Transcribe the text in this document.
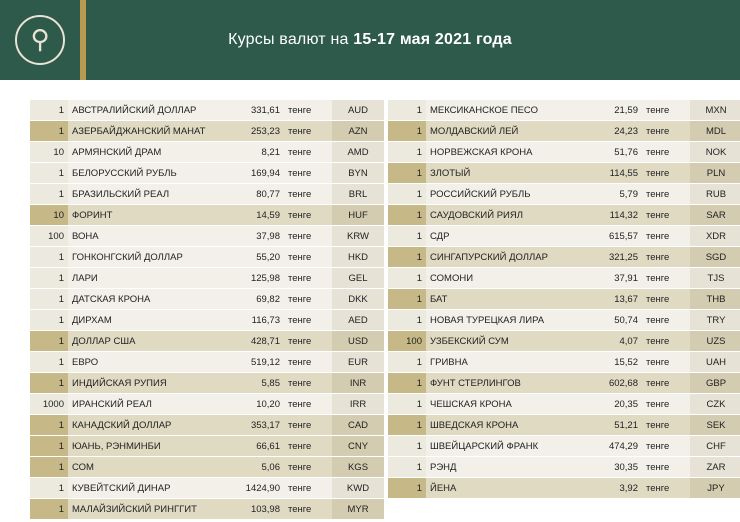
⚲	Курсы валют на 15-17 мая 2021 года
1	АВСТРАЛИЙСКИЙ ДОЛЛАР	331,61	тенге	AUD
1	АЗЕРБАЙДЖАНСКИЙ МАНАТ	253,23	тенге	AZN
10	АРМЯНСКИЙ ДРАМ	8,21	тенге	AMD
1	БЕЛОРУССКИЙ РУБЛЬ	169,94	тенге	BYN
1	БРАЗИЛЬСКИЙ РЕАЛ	80,77	тенге	BRL
10	ФОРИНТ	14,59	тенге	HUF
100	ВОНА	37,98	тенге	KRW
1	ГОНКОНГСКИЙ ДОЛЛАР	55,20	тенге	HKD
1	ЛАРИ	125,98	тенге	GEL
1	ДАТСКАЯ КРОНА	69,82	тенге	DKK
1	ДИРХАМ	116,73	тенге	AED
1	ДОЛЛАР США	428,71	тенге	USD
1	ЕВРО	519,12	тенге	EUR
1	ИНДИЙСКАЯ РУПИЯ	5,85	тенге	INR
1000	ИРАНСКИЙ РЕАЛ	10,20	тенге	IRR
1	КАНАДСКИЙ ДОЛЛАР	353,17	тенге	CAD
1	ЮАНЬ, РЭНМИНБИ	66,61	тенге	CNY
1	СОМ	5,06	тенге	KGS
1	КУВЕЙТСКИЙ ДИНАР	1424,90	тенге	KWD
1	МАЛАЙЗИЙСКИЙ РИНГГИТ	103,98	тенге	MYR
1	МЕКСИКАНСКОЕ ПЕСО	21,59	тенге	MXN
1	МОЛДАВСКИЙ ЛЕЙ	24,23	тенге	MDL
1	НОРВЕЖСКАЯ КРОНА	51,76	тенге	NOK
1	ЗЛОТЫЙ	114,55	тенге	PLN
1	РОССИЙСКИЙ РУБЛЬ	5,79	тенге	RUB
1	САУДОВСКИЙ РИЯЛ	114,32	тенге	SAR
1	СДР	615,57	тенге	XDR
1	СИНГАПУРСКИЙ ДОЛЛАР	321,25	тенге	SGD
1	СОМОНИ	37,91	тенге	TJS
1	БАТ	13,67	тенге	THB
1	НОВАЯ ТУРЕЦКАЯ ЛИРА	50,74	тенге	TRY
100	УЗБЕКСКИЙ СУМ	4,07	тенге	UZS
1	ГРИВНА	15,52	тенге	UAH
1	ФУНТ СТЕРЛИНГОВ	602,68	тенге	GBP
1	ЧЕШСКАЯ КРОНА	20,35	тенге	CZK
1	ШВЕДСКАЯ КРОНА	51,21	тенге	SEK
1	ШВЕЙЦАРСКИЙ ФРАНК	474,29	тенге	CHF
1	РЭНД	30,35	тенге	ZAR
1	ЙЕНА	3,92	тенге	JPY
